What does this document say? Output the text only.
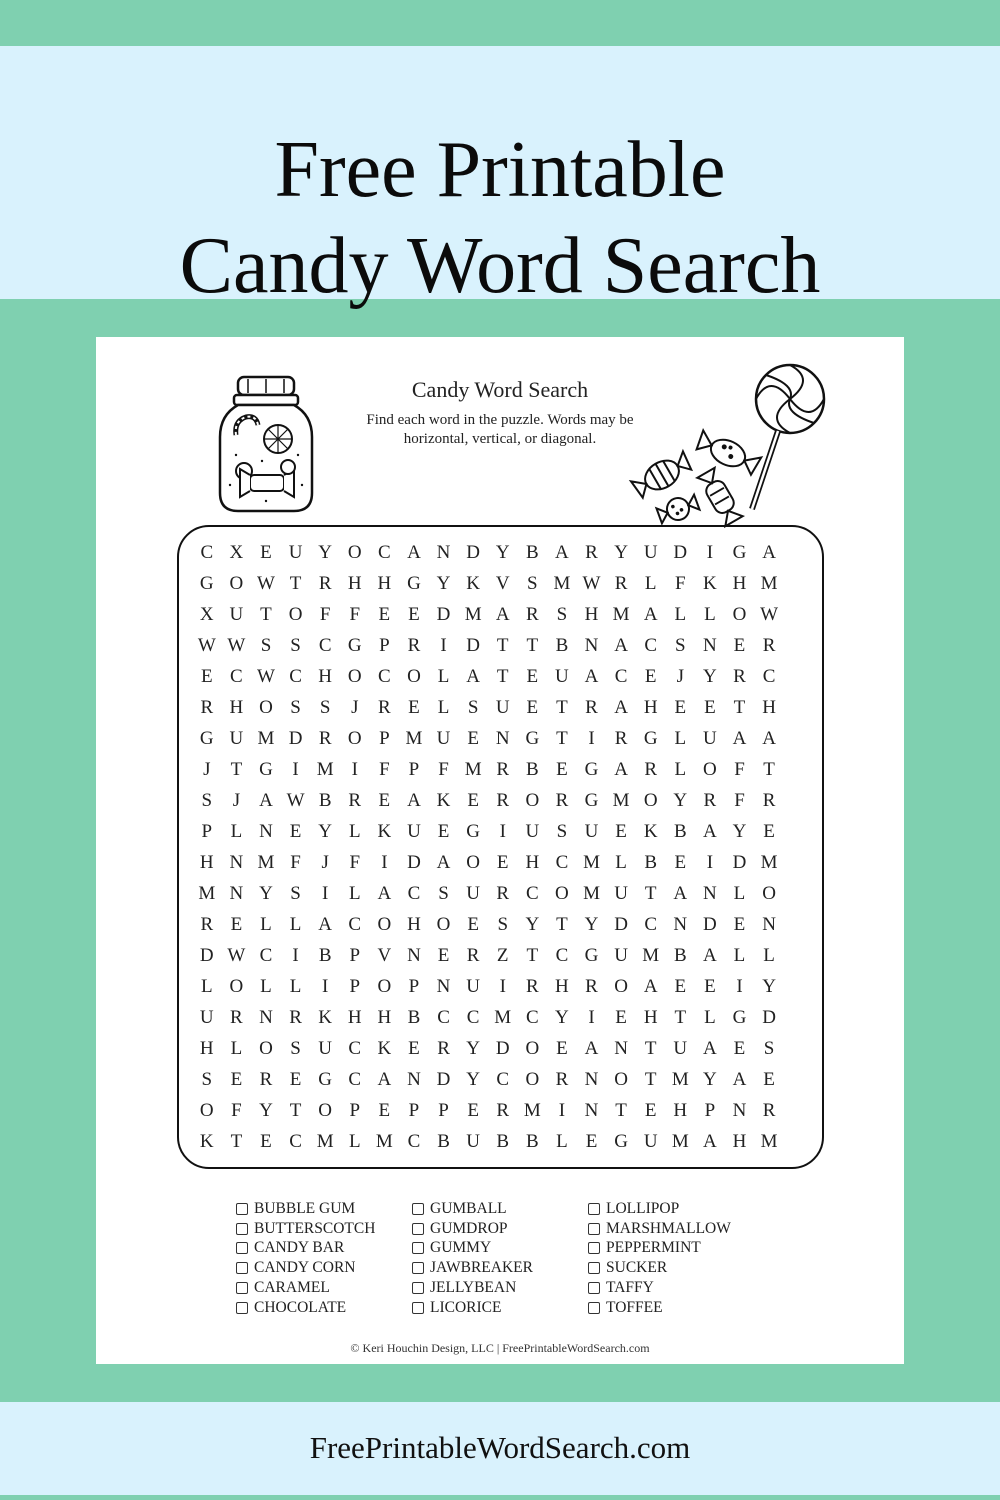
Free Printable
Candy Word Search
Candy Word Search
Find each word in the puzzle. Words may be horizontal, vertical, or diagonal.
C X E U Y O C A N D Y B A R Y U D	I	G A
G O W T R H H G Y K V S M W R L F K H M
X U T O F	F E E D M A R S H M A L L O W
W W S	S C G P R	I	D T T B N A C S N E R
E C W C H O C O L A T E U A C E	J	Y R C
R H O S	S	J	R E L S U E T R A H E E T H
G U M D R O P M U E N G T	I	R G L U A A
J	T G	I M I	F	P	F M R B E G A R L O F T
S	J	A W B R E A K E R O R G M O Y R F R
P L N E Y L K U E G	I	U S U E K B A Y E
H N M F	J	F	I	D A O E H C M L B E	I	D M
M N Y S	I	L A C S U R C O M U T A N L O
R E L L A C O H O E S Y T Y D C N D E N
D W C	I	B P V N E R Z T C G U M B A L L
L O L L	I	P O P N U	I	R H R O A E E	I	Y
U R N R K H H B C C M C Y	I	E H T L G D
H L O S U C K E R Y D O E A N T U A E S
S E R E G C A N D Y C O R N O T M Y A E
O F Y T O P E P	P E R M I	N T E H P N R
K T E C M L M C B U B B L E G U M A H M
BUBBLE GUM
BUTTERSCOTCH
CANDY BAR
CANDY CORN
CARAMEL
CHOCOLATE
GUMBALL
GUMDROP
GUMMY
JAWBREAKER
JELLYBEAN
LICORICE
LOLLIPOP
MARSHMALLOW
PEPPERMINT
SUCKER
TAFFY
TOFFEE
© Keri Houchin Design, LLC | FreePrintableWordSearch.com
FreePrintableWordSearch.com
